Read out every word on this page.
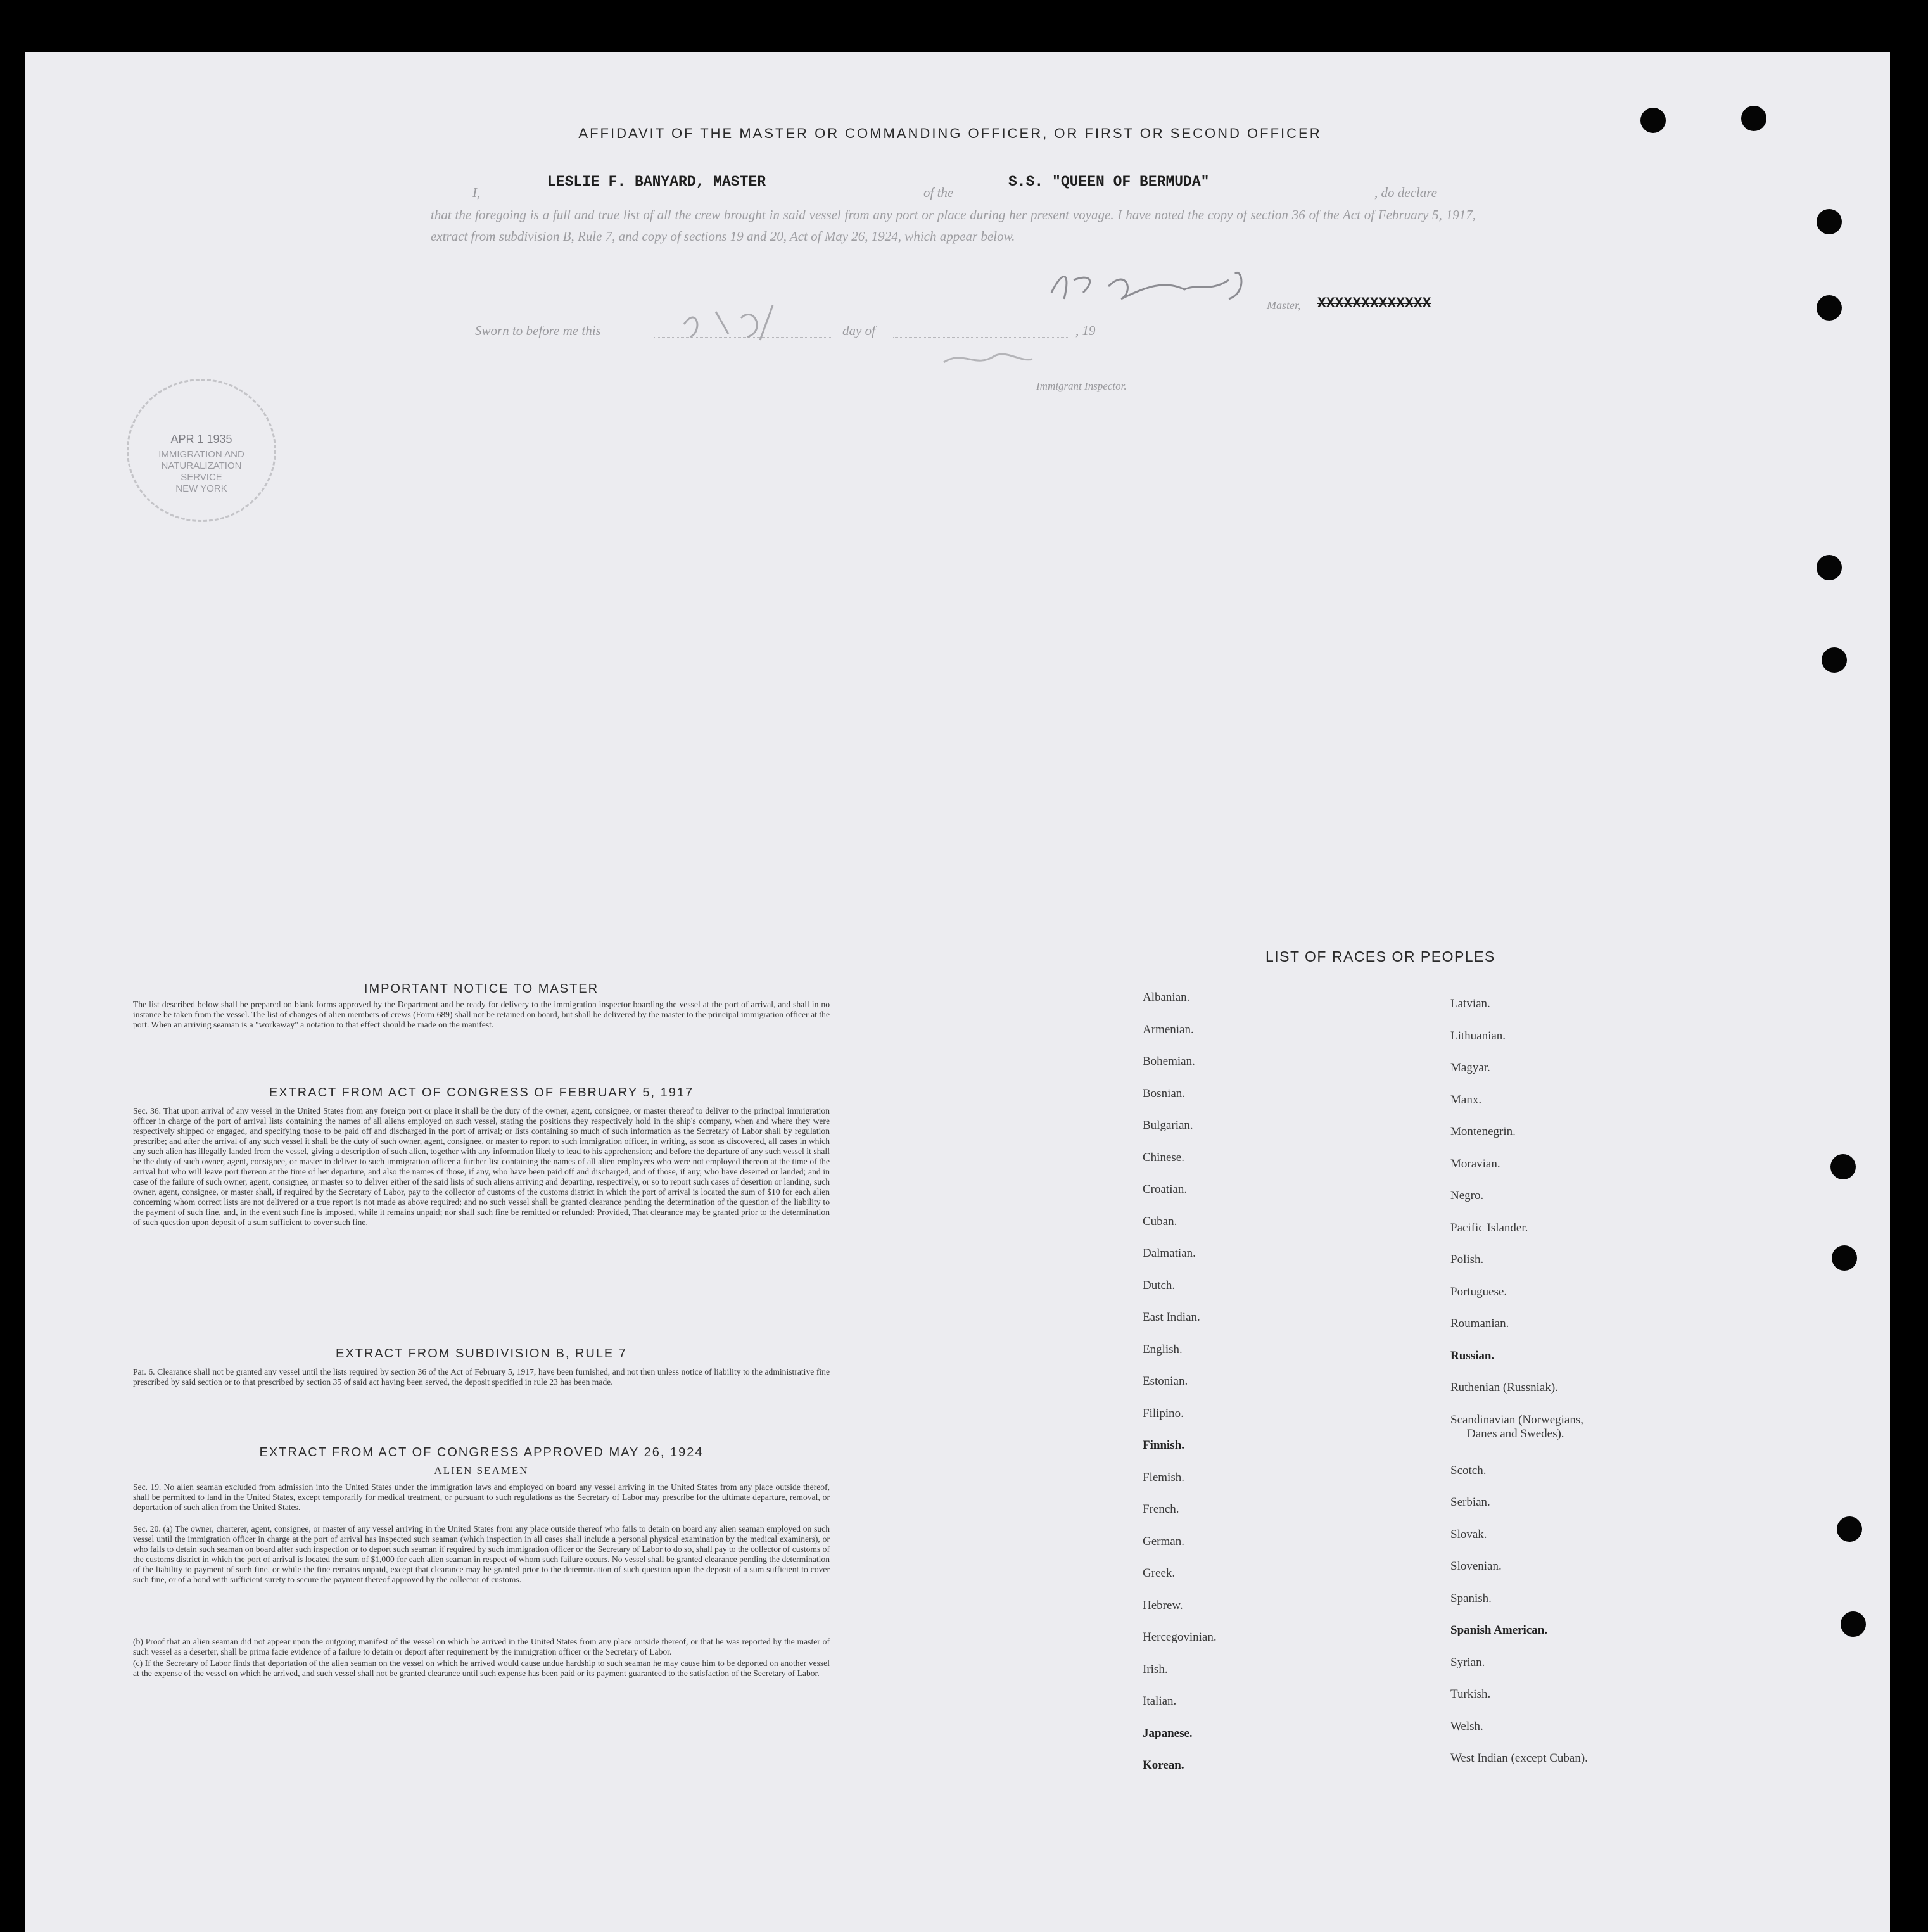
AFFIDAVIT OF THE MASTER OR COMMANDING OFFICER, OR FIRST OR SECOND OFFICER
I,
LESLIE F. BANYARD, MASTER
of the
S.S. "QUEEN OF BERMUDA"
, do declare
that the foregoing is a full and true list of all the crew brought in said vessel from any port or place during her present voyage. I have noted the copy of section 36 of the Act of February 5, 1917, extract from subdivision B, Rule 7, and copy of sections 19 and 20, Act of May 26, 1924, which appear below.
Master, XXXXXXXXXXXXX
Sworn to before me this	day of	, 19
Immigrant Inspector.
APR 1 1935
IMMIGRATION AND
NATURALIZATION
SERVICE
NEW YORK
IMPORTANT NOTICE TO MASTER
The list described below shall be prepared on blank forms approved by the Department and be ready for delivery to the immigration inspector boarding the vessel at the port of arrival, and shall in no instance be taken from the vessel. The list of changes of alien members of crews (Form 689) shall not be retained on board, but shall be delivered by the master to the principal immigration officer at the port. When an arriving seaman is a "workaway" a notation to that effect should be made on the manifest.
EXTRACT FROM ACT OF CONGRESS OF FEBRUARY 5, 1917
Sec. 36. That upon arrival of any vessel in the United States from any foreign port or place it shall be the duty of the owner, agent, consignee, or master thereof to deliver to the principal immigration officer in charge of the port of arrival lists containing the names of all aliens employed on such vessel, stating the positions they respectively hold in the ship's company, when and where they were respectively shipped or engaged, and specifying those to be paid off and discharged in the port of arrival; or lists containing so much of such information as the Secretary of Labor shall by regulation prescribe; and after the arrival of any such vessel it shall be the duty of such owner, agent, consignee, or master to report to such immigration officer, in writing, as soon as discovered, all cases in which any such alien has illegally landed from the vessel, giving a description of such alien, together with any information likely to lead to his apprehension; and before the departure of any such vessel it shall be the duty of such owner, agent, consignee, or master to deliver to such immigration officer a further list containing the names of all alien employees who were not employed thereon at the time of the arrival but who will leave port thereon at the time of her departure, and also the names of those, if any, who have been paid off and discharged, and of those, if any, who have deserted or landed; and in case of the failure of such owner, agent, consignee, or master so to deliver either of the said lists of such aliens arriving and departing, respectively, or so to report such cases of desertion or landing, such owner, agent, consignee, or master shall, if required by the Secretary of Labor, pay to the collector of customs of the customs district in which the port of arrival is located the sum of $10 for each alien concerning whom correct lists are not delivered or a true report is not made as above required; and no such vessel shall be granted clearance pending the determination of the question of the liability to the payment of such fine, and, in the event such fine is imposed, while it remains unpaid; nor shall such fine be remitted or refunded: Provided, That clearance may be granted prior to the determination of such question upon deposit of a sum sufficient to cover such fine.
EXTRACT FROM SUBDIVISION B, RULE 7
Par. 6. Clearance shall not be granted any vessel until the lists required by section 36 of the Act of February 5, 1917, have been furnished, and not then unless notice of liability to the administrative fine prescribed by said section or to that prescribed by section 35 of said act having been served, the deposit specified in rule 23 has been made.
EXTRACT FROM ACT OF CONGRESS APPROVED MAY 26, 1924
ALIEN SEAMEN
Sec. 19. No alien seaman excluded from admission into the United States under the immigration laws and employed on board any vessel arriving in the United States from any place outside thereof, shall be permitted to land in the United States, except temporarily for medical treatment, or pursuant to such regulations as the Secretary of Labor may prescribe for the ultimate departure, removal, or deportation of such alien from the United States.
Sec. 20. (a) The owner, charterer, agent, consignee, or master of any vessel arriving in the United States from any place outside thereof who fails to detain on board any alien seaman employed on such vessel until the immigration officer in charge at the port of arrival has inspected such seaman (which inspection in all cases shall include a personal physical examination by the medical examiners), or who fails to detain such seaman on board after such inspection or to deport such seaman if required by such immigration officer or the Secretary of Labor to do so, shall pay to the collector of customs of the customs district in which the port of arrival is located the sum of $1,000 for each alien seaman in respect of whom such failure occurs. No vessel shall be granted clearance pending the determination of the liability to payment of such fine, or while the fine remains unpaid, except that clearance may be granted prior to the determination of such question upon the deposit of a sum sufficient to cover such fine, or of a bond with sufficient surety to secure the payment thereof approved by the collector of customs.
(b) Proof that an alien seaman did not appear upon the outgoing manifest of the vessel on which he arrived in the United States from any place outside thereof, or that he was reported by the master of such vessel as a deserter, shall be prima facie evidence of a failure to detain or deport after requirement by the immigration officer or the Secretary of Labor.
(c) If the Secretary of Labor finds that deportation of the alien seaman on the vessel on which he arrived would cause undue hardship to such seaman he may cause him to be deported on another vessel at the expense of the vessel on which he arrived, and such vessel shall not be granted clearance until such expense has been paid or its payment guaranteed to the satisfaction of the Secretary of Labor.
LIST OF RACES OR PEOPLES
Albanian.
Armenian.
Bohemian.
Bosnian.
Bulgarian.
Chinese.
Croatian.
Cuban.
Dalmatian.
Dutch.
East Indian.
English.
Estonian.
Filipino.
Finnish.
Flemish.
French.
German.
Greek.
Hebrew.
Hercegovinian.
Irish.
Italian.
Japanese.
Korean.
Latvian.
Lithuanian.
Magyar.
Manx.
Montenegrin.
Moravian.
Negro.
Pacific Islander.
Polish.
Portuguese.
Roumanian.
Russian.
Ruthenian (Russniak).
Scandinavian (Norwegians,
Danes and Swedes).
Scotch.
Serbian.
Slovak.
Slovenian.
Spanish.
Spanish American.
Syrian.
Turkish.
Welsh.
West Indian (except Cuban).
